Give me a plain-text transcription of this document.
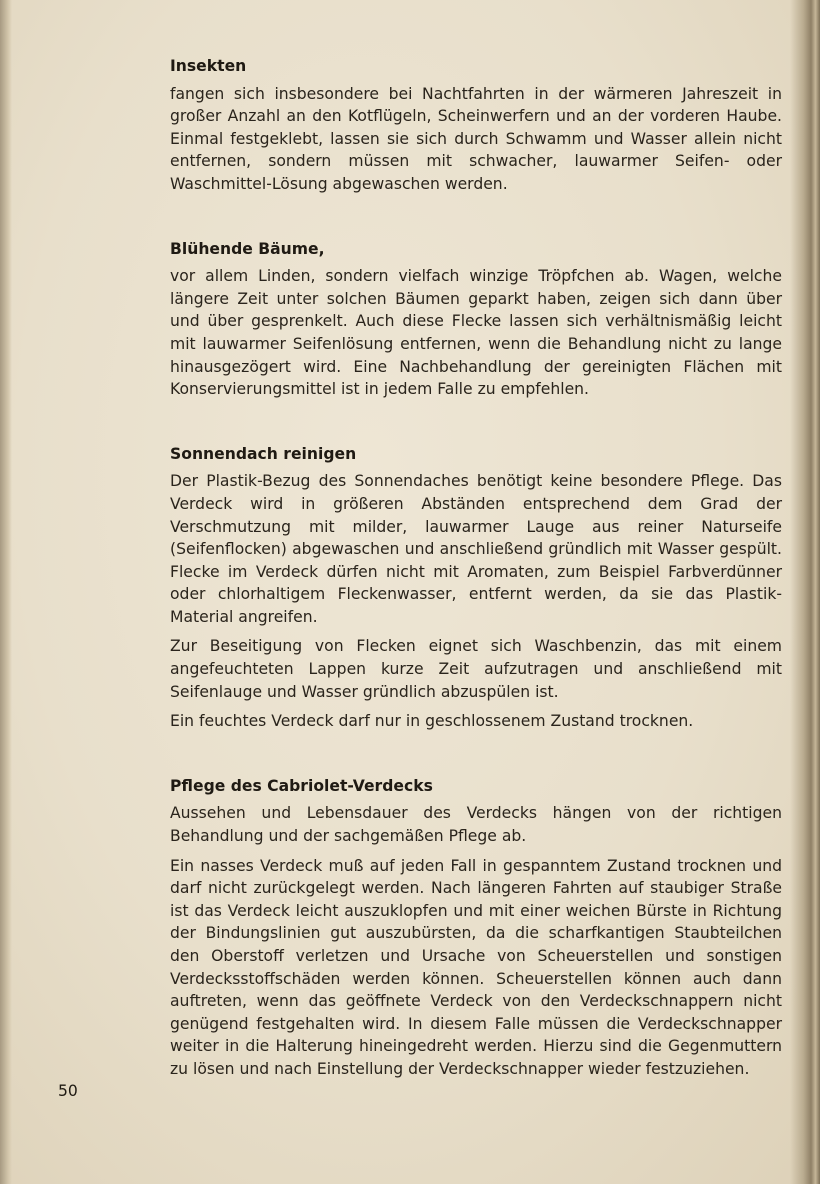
Insekten

fangen sich insbesondere bei Nachtfahrten in der wärmeren Jahreszeit in großer Anzahl an den Kotflügeln, Scheinwerfern und an der vorderen Haube. Einmal festgeklebt, lassen sie sich durch Schwamm und Wasser allein nicht entfernen, sondern müssen mit schwacher, lauwarmer Seifen- oder Waschmittel-Lösung abgewaschen werden.

Blühende Bäume,

vor allem Linden, sondern vielfach winzige Tröpfchen ab. Wagen, welche längere Zeit unter solchen Bäumen geparkt haben, zeigen sich dann über und über gesprenkelt. Auch diese Flecke lassen sich verhältnismäßig leicht mit lauwarmer Seifenlösung entfernen, wenn die Behandlung nicht zu lange hinausgezögert wird. Eine Nachbehandlung der gereinigten Flächen mit Konservierungsmittel ist in jedem Falle zu empfehlen.

Sonnendach reinigen

Der Plastik-Bezug des Sonnendaches benötigt keine besondere Pflege. Das Verdeck wird in größeren Abständen entsprechend dem Grad der Verschmutzung mit milder, lauwarmer Lauge aus reiner Naturseife (Seifenflocken) abgewaschen und anschließend gründlich mit Wasser gespült. Flecke im Verdeck dürfen nicht mit Aromaten, zum Beispiel Farbverdünner oder chlorhaltigem Fleckenwasser, entfernt werden, da sie das Plastik-Material angreifen.

Zur Beseitigung von Flecken eignet sich Waschbenzin, das mit einem angefeuchteten Lappen kurze Zeit aufzutragen und anschließend mit Seifenlauge und Wasser gründlich abzuspülen ist.

Ein feuchtes Verdeck darf nur in geschlossenem Zustand trocknen.

Pflege des Cabriolet-Verdecks

Aussehen und Lebensdauer des Verdecks hängen von der richtigen Behandlung und der sachgemäßen Pflege ab.

Ein nasses Verdeck muß auf jeden Fall in gespanntem Zustand trocknen und darf nicht zurückgelegt werden. Nach längeren Fahrten auf staubiger Straße ist das Verdeck leicht auszuklopfen und mit einer weichen Bürste in Richtung der Bindungslinien gut auszubürsten, da die scharfkantigen Staubteilchen den Oberstoff verletzen und Ursache von Scheuerstellen und sonstigen Verdecksstoffschäden werden können. Scheuerstellen können auch dann auftreten, wenn das geöffnete Verdeck von den Verdeckschnappern nicht genügend festgehalten wird. In diesem Falle müssen die Verdeckschnapper weiter in die Halterung hineingedreht werden. Hierzu sind die Gegenmuttern zu lösen und nach Einstellung der Verdeckschnapper wieder festzuziehen.

50
